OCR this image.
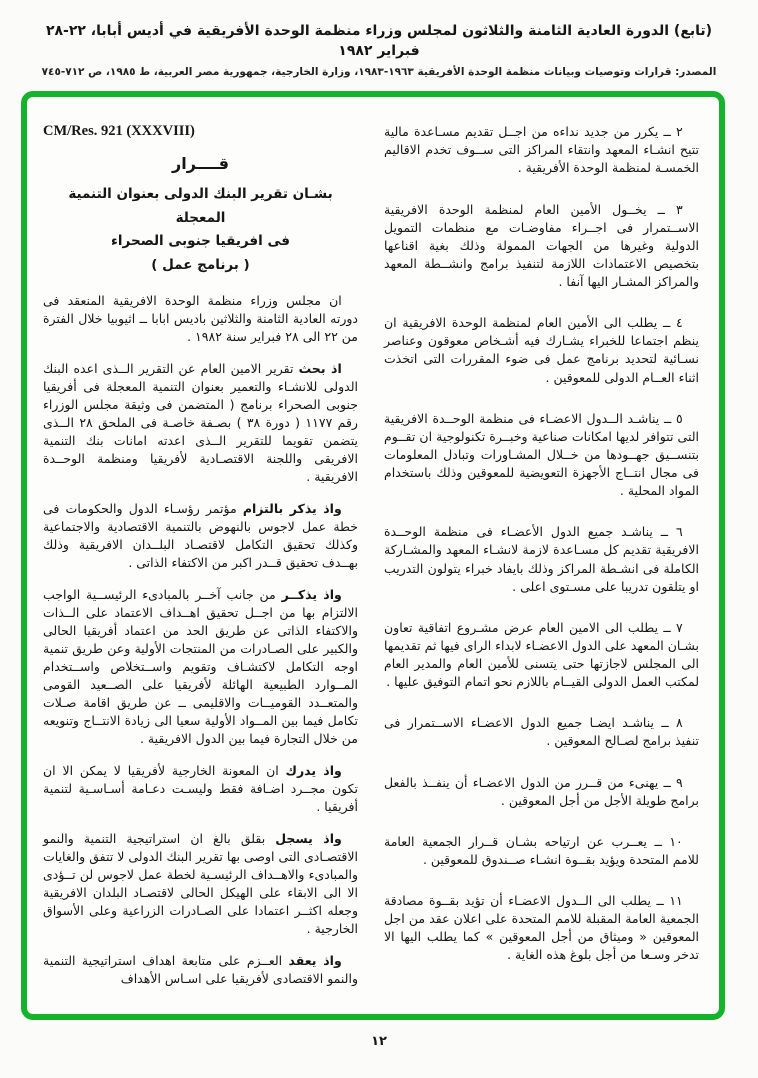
(تابع) الدورة العادية الثامنة والثلاثون لمجلس وزراء منظمة الوحدة الأفريقية في أديس أبابا، ٢٢-٢٨ فبراير ١٩٨٢
المصدر: قرارات وتوصيات وبيانات منظمة الوحدة الأفريقية ١٩٦٣-١٩٨٣، وزارة الخارجية، جمهورية مصر العربية، ط ١٩٨٥، ص ٧١٢-٧٤٥

٢ ــ يكرر من جديد نداءه من اجــل تقديم مسـاعدة مالية تتيح انشـاء المعهد وانتقاء المراكز التى ســوف تخدم الاقاليم الخمسـة لمنظمة الوحدة الأفريقية .

٣ ــ يخــول الأمين العام لمنظمة الوحدة الافريقية الاســتمرار فى اجــراء مفاوضـات مع منظمات التمويل الدولية وغيرها من الجهات الممولة وذلك بغية اقناعها بتخصيص الاعتمادات اللازمة لتنفيذ برامج وانشــطة المعهد والمراكز المشـار اليها آنفا .

٤ ــ يطلب الى الأمين العام لمنظمة الوحدة الافريقية ان ينظم اجتماعا للخبراء يشـارك فيه أشـخاص معوقون وعناصر نسـائية لتحديد برنامج عمل فى ضوء المقررات التى اتخذت اثناء العــام الدولى للمعوقين .

٥ ــ يناشـد الــدول الاعضـاء فى منظمة الوحــدة الافريقية التى تتوافر لديها امكانات صناعية وخبــرة تكنولوجية ان تقــوم بتنســيق جهــودها من خــلال المشـاورات وتبادل المعلومات فى مجال انتــاج الأجهزة التعويضية للمعوقين وذلك باستخدام المواد المحلية .

٦ ــ يناشـد جميع الدول الأعضـاء فى منظمة الوحــدة الافريقية تقديم كل مسـاعدة لازمة لانشـاء المعهد والمشـاركة الكاملة فى انشـطة المراكز وذلك بايفاد خبراء يتولون التدريب او يتلقون تدريبا على مسـتوى اعلى .

٧ ــ يطلب الى الامين العام عرض مشـروع اتفاقية تعاون بشـان المعهد على الدول الاعضـاء لابداء الراى فيها ثم تقديمها الى المجلس لاجازتها حتى يتسنى للأمين العام والمدير العام لمكتب العمل الدولى القيــام باللازم نحو اتمام التوفيق عليها .

٨ ــ يناشـد ايضـا جميع الدول الاعضـاء الاســتمرار فى تنفيذ برامج لصـالح المعوقين .

٩ ــ يهنىء من قــرر من الدول الاعضـاء أن ينفــذ بالفعل برامج طويلة الأجل من أجل المعوقين .

١٠ ــ يعــرب عن ارتياحه بشـان قــرار الجمعية العامة للامم المتحدة ويؤيد بقــوة انشـاء صــندوق للمعوقين .

١١ ــ يطلب الى الــدول الاعضـاء أن تؤيد بقــوة مصادقة الجمعية العامة المقبلة للامم المتحدة على اعلان عقد من اجل المعوقين « وميثاق من أجل المعوقين » كما يطلب اليها الا تدخر وسـعا من أجل بلوغ هذه الغاية .

CM/Res. 921 (XXXVIII)

قــــرار

بشـان تقرير البنك الدولى بعنوان التنمية المعجلة

فى افريقيا جنوبى الصحراء

( برنامج عمل )

ان مجلس وزراء منظمة الوحدة الافريقية المنعقد فى دورته العادية الثامنة والثلاثين باديس ابابا ــ اثيوبيا خلال الفترة من ٢٢ الى ٢٨ فبراير سنة ١٩٨٢ .

اذ بحث تقرير الامين العام عن التقرير الــذى اعده البنك الدولى للانشـاء والتعمير بعنوان التنمية المعجلة فى أفريقيا جنوبى الصحراء برنامج ( المتضمن فى وثيقة مجلس الوزراء رقم ١١٧٧ ( دورة ٣٨ ) بصـفة خاصـة فى الملحق ٢٨ الــذى يتضمن تقويما للتقرير الــذى اعدته امانات بنك التنمية الافريقى واللجنة الاقتصـادية لأفريقيا ومنظمة الوحــدة الافريقية .

واذ يذكر بالتزام مؤتمر رؤسـاء الدول والحكومات فى خطة عمل لاجوس بالنهوض بالتنمية الاقتصادية والاجتماعية وكذلك تحقيق التكامل لاقتصـاد البلــدان الافريقية وذلك بهــدف تحقيق قــدر اكبر من الاكتفاء الذاتى .

واذ يذكــر من جانب آخــر بالمبادىء الرئيســية الواجب الالتزام بها من اجــل تحقيق اهــداف الاعتماد على الــذات والاكتفاء الذاتى عن طريق الحد من اعتماد أفريقيا الحالى والكبير على الصـادرات من المنتجات الأولية وعن طريق تنمية اوجه التكامل لاكتشـاف وتقويم واســتخلاص واســتخدام المــوارد الطبيعية الهائلة لأفريقيا على الصــعيد القومى والمتعــدد القوميــات والاقليمى ــ عن طريق اقامة صـلات تكامل فيما بين المــواد الأولية سعيا الى زيادة الانتــاج وتنويعه من خلال التجارة فيما بين الدول الافريقية .

واذ يدرك ان المعونة الخارجية لأفريقيا لا يمكن الا ان تكون مجــرد اضـافة فقط وليسـت دعـامة أسـاسـية لتنمية أفريقيا .

واذ يسجل بقلق بالغ ان استراتيجية التنمية والنمو الاقتصـادى التى اوصى بها تقرير البنك الدولى لا تتفق والغايات والمبادىء والاهــداف الرئيسـية لخطة عمل لاجوس لن تــؤدى الا الى الابقاء على الهيكل الحالى لاقتصـاد البلدان الافريقية وجعله اكثــر اعتمادا على الصـادرات الزراعية وعلى الأسواق الخارجية .

واذ يعقد العــزم على متابعة اهداف استراتيجية التنمية والنمو الاقتصادى لأفريقيا على اسـاس الأهداف

١٢
